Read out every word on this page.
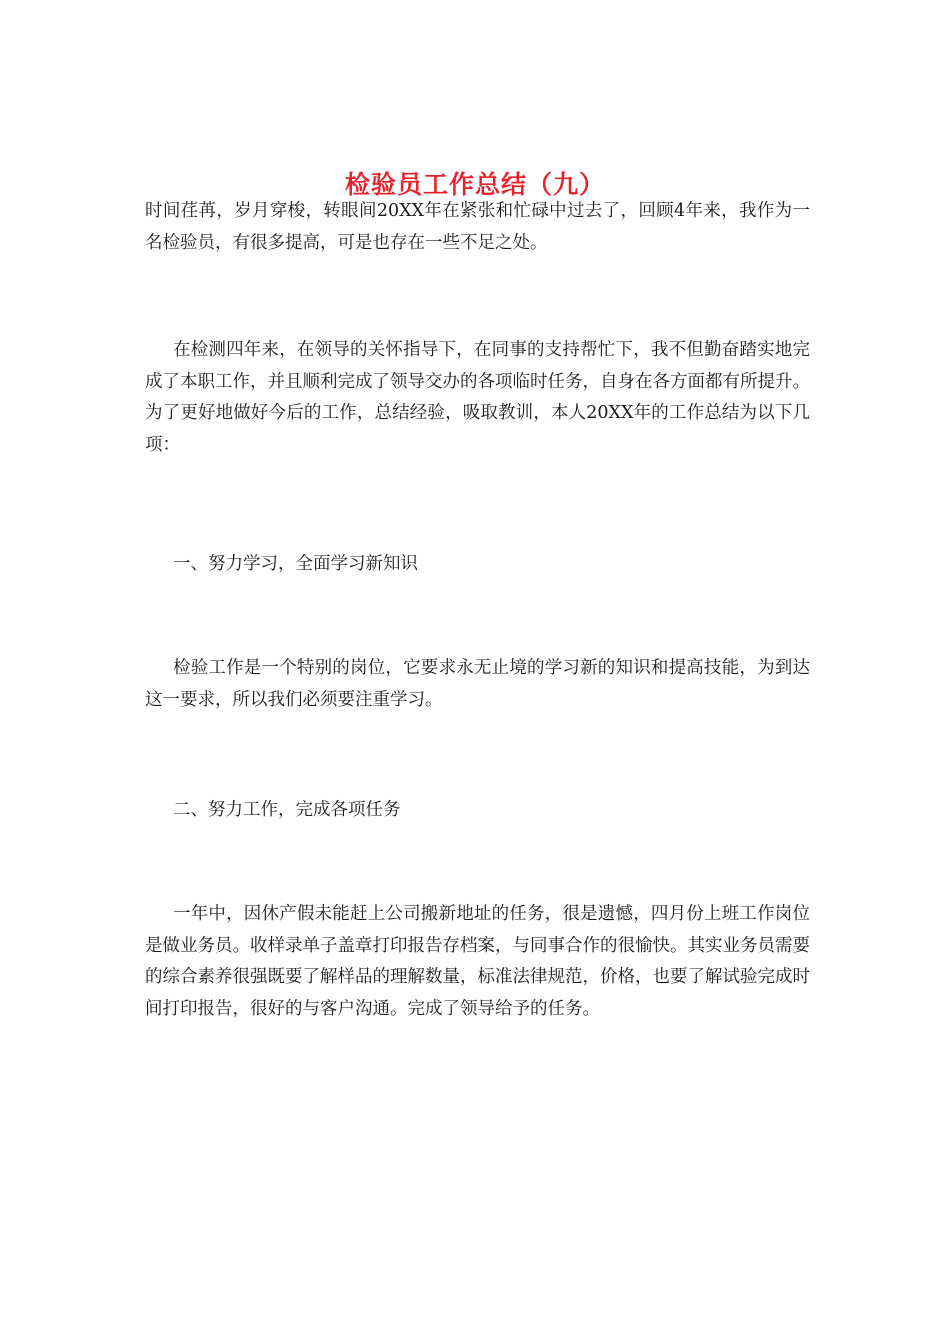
检验员工作总结（九）

时间荏苒，岁月穿梭，转眼间20XX年在紧张和忙碌中过去了，回顾4年来，我作为一名检验员，有很多提高，可是也存在一些不足之处。

在检测四年来，在领导的关怀指导下，在同事的支持帮忙下，我不但勤奋踏实地完成了本职工作，并且顺利完成了领导交办的各项临时任务，自身在各方面都有所提升。为了更好地做好今后的工作，总结经验，吸取教训，本人20XX年的工作总结为以下几项：

一、努力学习，全面学习新知识

检验工作是一个特别的岗位，它要求永无止境的学习新的知识和提高技能，为到达这一要求，所以我们必须要注重学习。

二、努力工作，完成各项任务

一年中，因休产假未能赶上公司搬新地址的任务，很是遗憾，四月份上班工作岗位是做业务员。收样录单子盖章打印报告存档案，与同事合作的很愉快。其实业务员需要的综合素养很强既要了解样品的理解数量，标准法律规范，价格，也要了解试验完成时间打印报告，很好的与客户沟通。完成了领导给予的任务。
